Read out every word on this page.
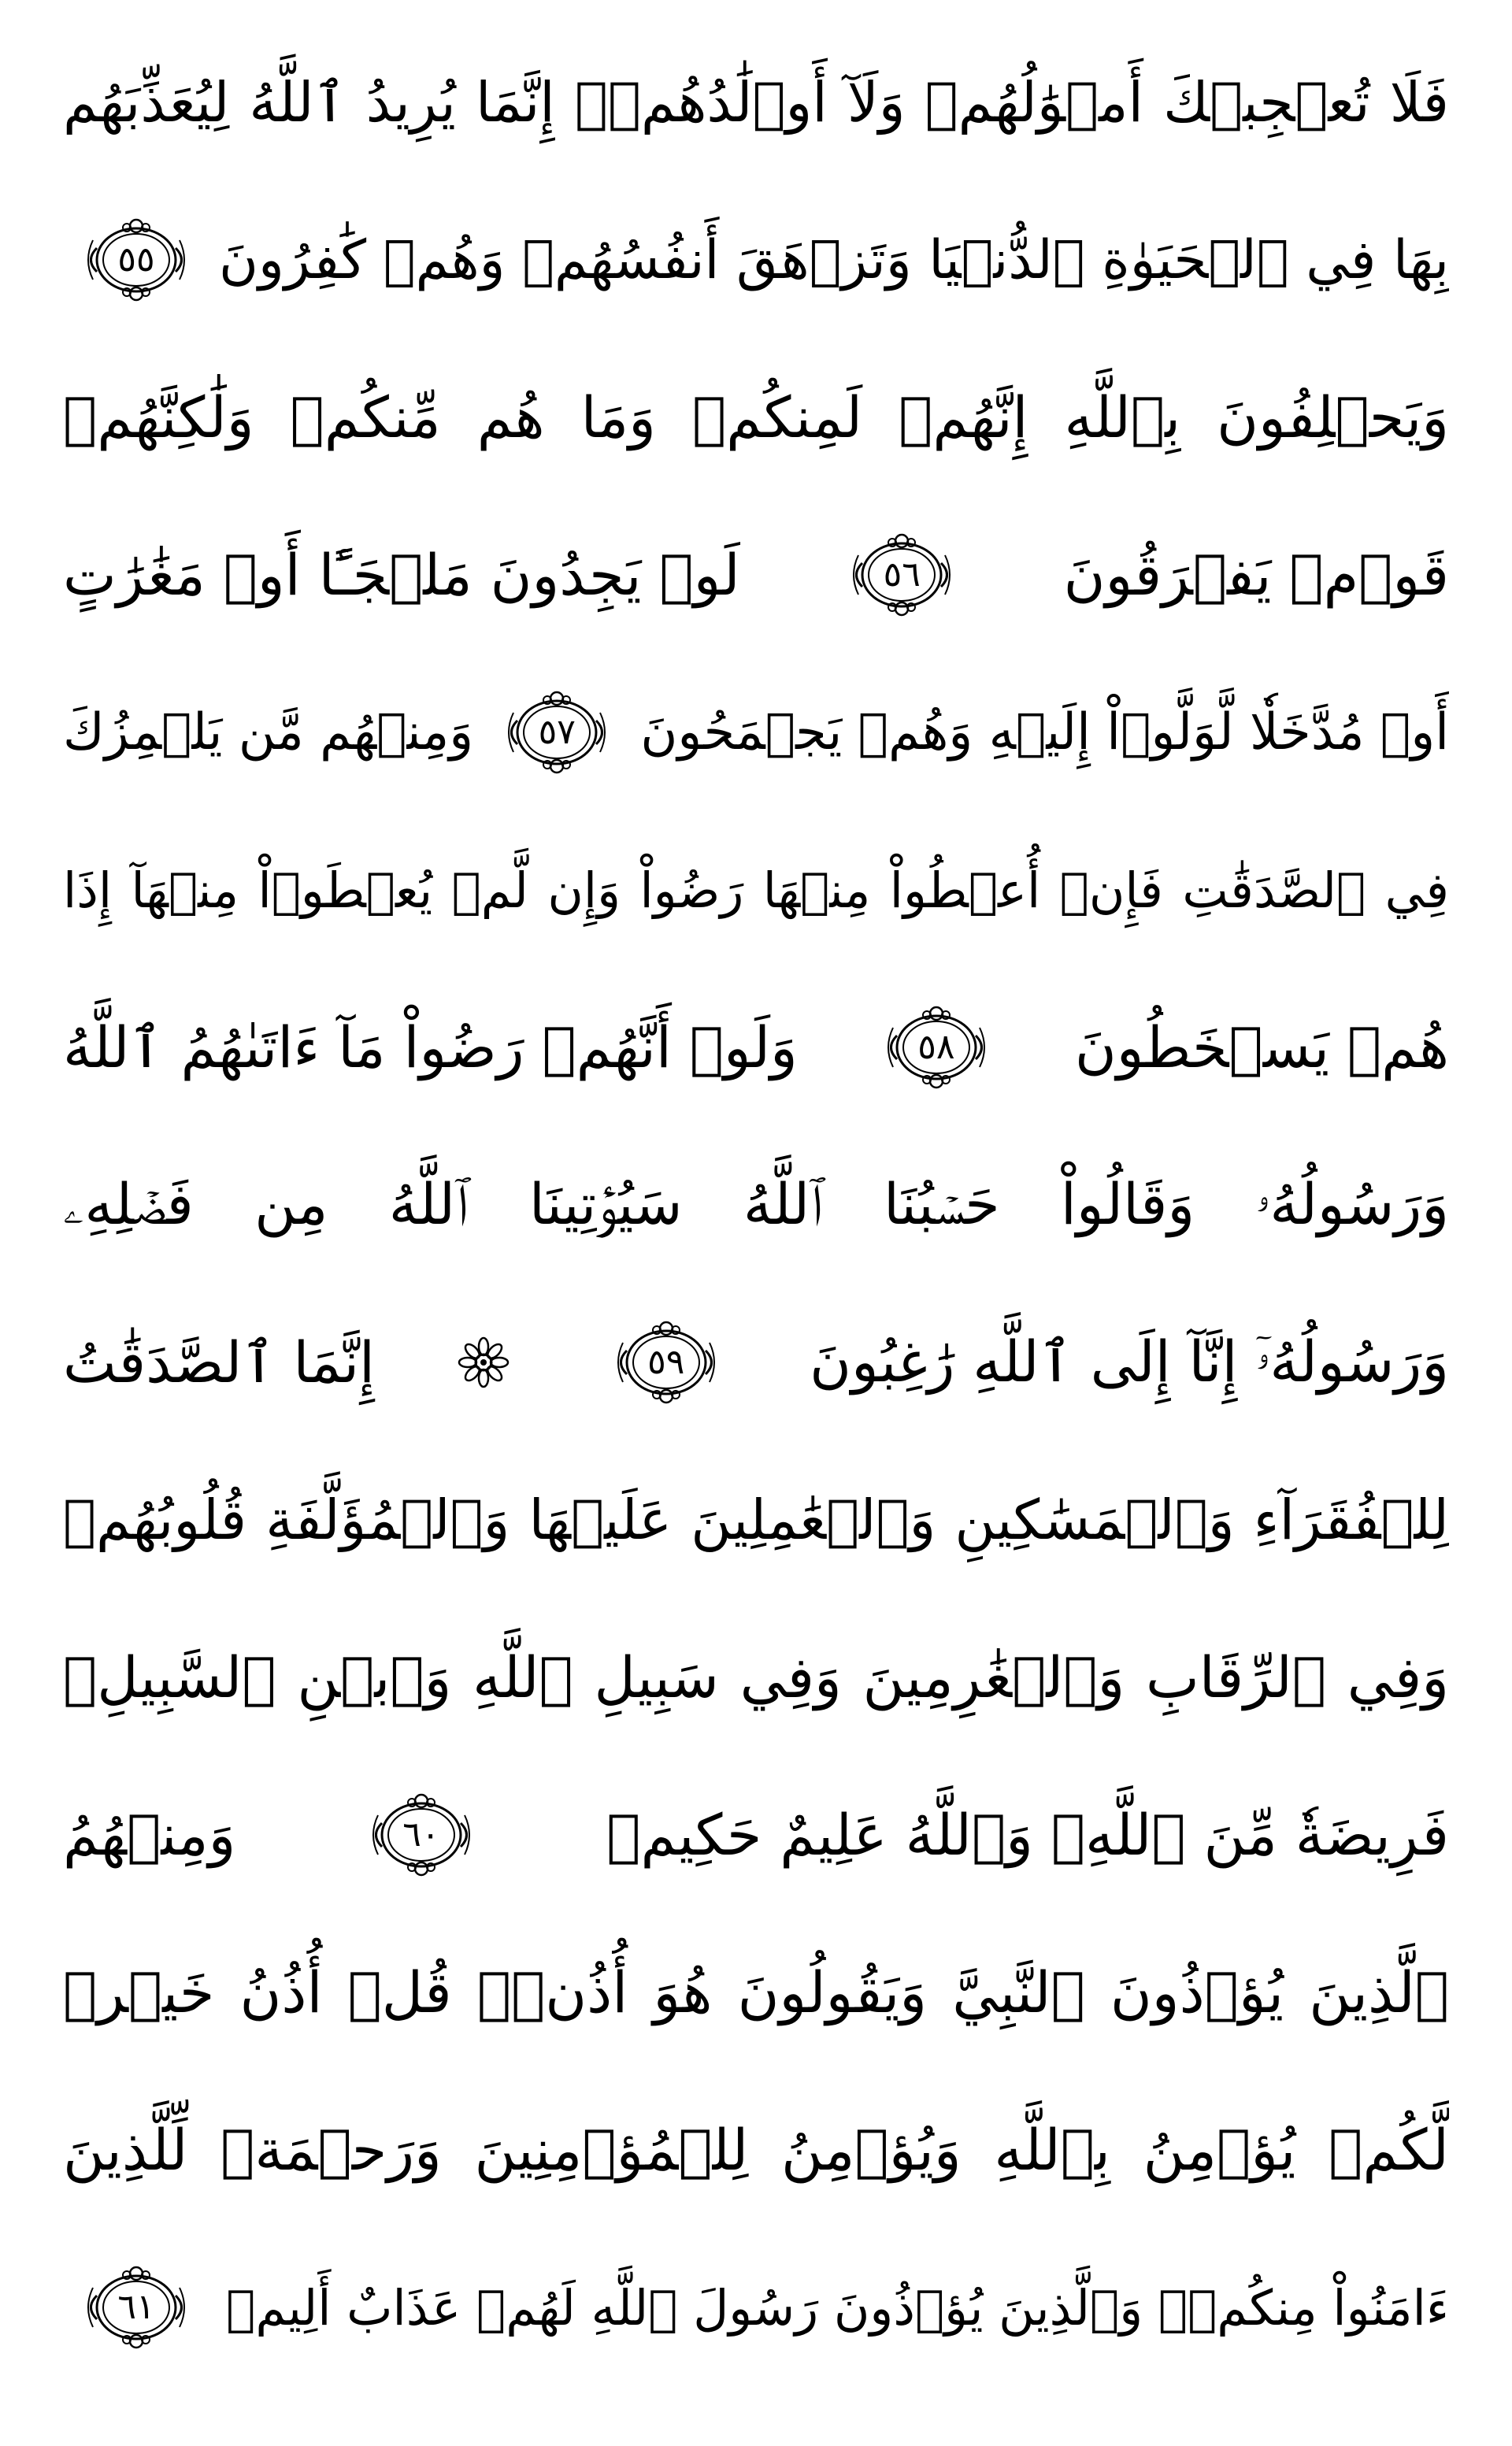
فَلَا تُعۡجِبۡكَ أَمۡوَٰلُهُمۡ وَلَآ أَوۡلَٰدُهُمۡۚ إِنَّمَا يُرِيدُ ٱللَّهُ لِيُعَذِّبَهُم
بِهَا فِي ٱلۡحَيَوٰةِ ٱلدُّنۡيَا وَتَزۡهَقَ أَنفُسُهُمۡ وَهُمۡ كَٰفِرُونَ
٥٥
وَيَحۡلِفُونَ بِٱللَّهِ إِنَّهُمۡ لَمِنكُمۡ وَمَا هُم مِّنكُمۡ وَلَٰكِنَّهُمۡ
قَوۡمٞ يَفۡرَقُونَ
٥٦
لَوۡ يَجِدُونَ مَلۡجَـًٔا أَوۡ مَغَٰرَٰتٍ
أَوۡ مُدَّخَلٗا لَّوَلَّوۡاْ إِلَيۡهِ وَهُمۡ يَجۡمَحُونَ
٥٧
وَمِنۡهُم مَّن يَلۡمِزُكَ
فِي ٱلصَّدَقَٰتِ فَإِنۡ أُعۡطُواْ مِنۡهَا رَضُواْ وَإِن لَّمۡ يُعۡطَوۡاْ مِنۡهَآ إِذَا
هُمۡ يَسۡخَطُونَ
٥٨
وَلَوۡ أَنَّهُمۡ رَضُواْ مَآ ءَاتَىٰهُمُ ٱللَّهُ
وَرَسُولُهُۥ وَقَالُواْ حَسۡبُنَا ٱللَّهُ سَيُؤۡتِينَا ٱللَّهُ مِن فَضۡلِهِۦ
وَرَسُولُهُۥٓ إِنَّآ إِلَى ٱللَّهِ رَٰغِبُونَ
٥٩
إِنَّمَا ٱلصَّدَقَٰتُ
لِلۡفُقَرَآءِ وَٱلۡمَسَٰكِينِ وَٱلۡعَٰمِلِينَ عَلَيۡهَا وَٱلۡمُؤَلَّفَةِ قُلُوبُهُمۡ
وَفِي ٱلرِّقَابِ وَٱلۡغَٰرِمِينَ وَفِي سَبِيلِ ٱللَّهِ وَٱبۡنِ ٱلسَّبِيلِۖ
فَرِيضَةٗ مِّنَ ٱللَّهِۗ وَٱللَّهُ عَلِيمٌ حَكِيمٞ
٦٠
وَمِنۡهُمُ
ٱلَّذِينَ يُؤۡذُونَ ٱلنَّبِيَّ وَيَقُولُونَ هُوَ أُذُنٞۚ قُلۡ أُذُنُ خَيۡرٖ
لَّكُمۡ يُؤۡمِنُ بِٱللَّهِ وَيُؤۡمِنُ لِلۡمُؤۡمِنِينَ وَرَحۡمَةٞ لِّلَّذِينَ
ءَامَنُواْ مِنكُمۡۚ وَٱلَّذِينَ يُؤۡذُونَ رَسُولَ ٱللَّهِ لَهُمۡ عَذَابٌ أَلِيمٞ
٦١
